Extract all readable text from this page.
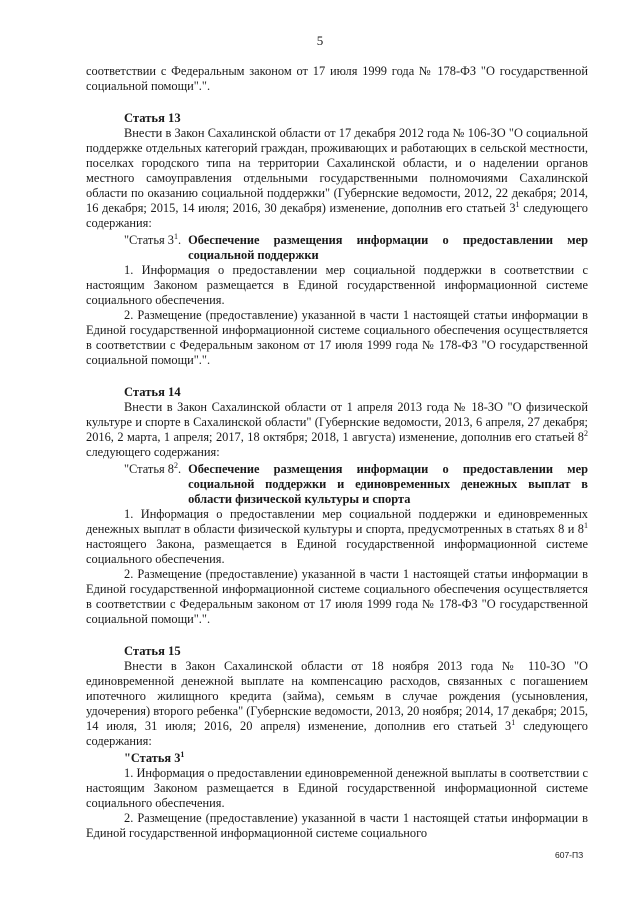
5

соответствии с Федеральным законом от 17 июля 1999 года № 178-ФЗ "О государственной социальной помощи".".

Статья 13

Внести в Закон Сахалинской области от 17 декабря 2012 года № 106-ЗО "О социальной поддержке отдельных категорий граждан, проживающих и работающих в сельской местности, поселках городского типа на территории Сахалинской области, и о наделении органов местного самоуправления отдельными государственными полномочиями Сахалинской области по оказанию социальной поддержки" (Губернские ведомости, 2012, 22 декабря; 2014, 16 декабря; 2015, 14 июля; 2016, 30 декабря) изменение, дополнив его статьей $3^1$ следующего содержания:

"Статья $3^1$. Обеспечение размещения информации о предоставлении мер социальной поддержки

1. Информация о предоставлении мер социальной поддержки в соответствии с настоящим Законом размещается в Единой государственной информационной системе социального обеспечения.

2. Размещение (предоставление) указанной в части 1 настоящей статьи информации в Единой государственной информационной системе социального обеспечения осуществляется в соответствии с Федеральным законом от 17 июля 1999 года № 178-ФЗ "О государственной социальной помощи".".

Статья 14

Внести в Закон Сахалинской области от 1 апреля 2013 года № 18-ЗО "О физической культуре и спорте в Сахалинской области" (Губернские ведомости, 2013, 6 апреля, 27 декабря; 2016, 2 марта, 1 апреля; 2017, 18 октября; 2018, 1 августа) изменение, дополнив его статьей $8^2$ следующего содержания:

"Статья $8^2$. Обеспечение размещения информации о предоставлении мер социальной поддержки и единовременных денежных выплат в области физической культуры и спорта

1. Информация о предоставлении мер социальной поддержки и единовременных денежных выплат в области физической культуры и спорта, предусмотренных в статьях 8 и $8^1$ настоящего Закона, размещается в Единой государственной информационной системе социального обеспечения.

2. Размещение (предоставление) указанной в части 1 настоящей статьи информации в Единой государственной информационной системе социального обеспечения осуществляется в соответствии с Федеральным законом от 17 июля 1999 года № 178-ФЗ "О государственной социальной помощи".".

Статья 15

Внести в Закон Сахалинской области от 18 ноября 2013 года № 110-ЗО "О единовременной денежной выплате на компенсацию расходов, связанных с погашением ипотечного жилищного кредита (займа), семьям в случае рождения (усыновления, удочерения) второго ребенка" (Губернские ведомости, 2013, 20 ноября; 2014, 17 декабря; 2015, 14 июля, 31 июля; 2016, 20 апреля) изменение, дополнив его статьей $3^1$ следующего содержания:

"Статья $3^1$

1. Информация о предоставлении единовременной денежной выплаты в соответствии с настоящим Законом размещается в Единой государственной информационной системе социального обеспечения.

2. Размещение (предоставление) указанной в части 1 настоящей статьи информации в Единой государственной информационной системе социального

607-ПЗ
